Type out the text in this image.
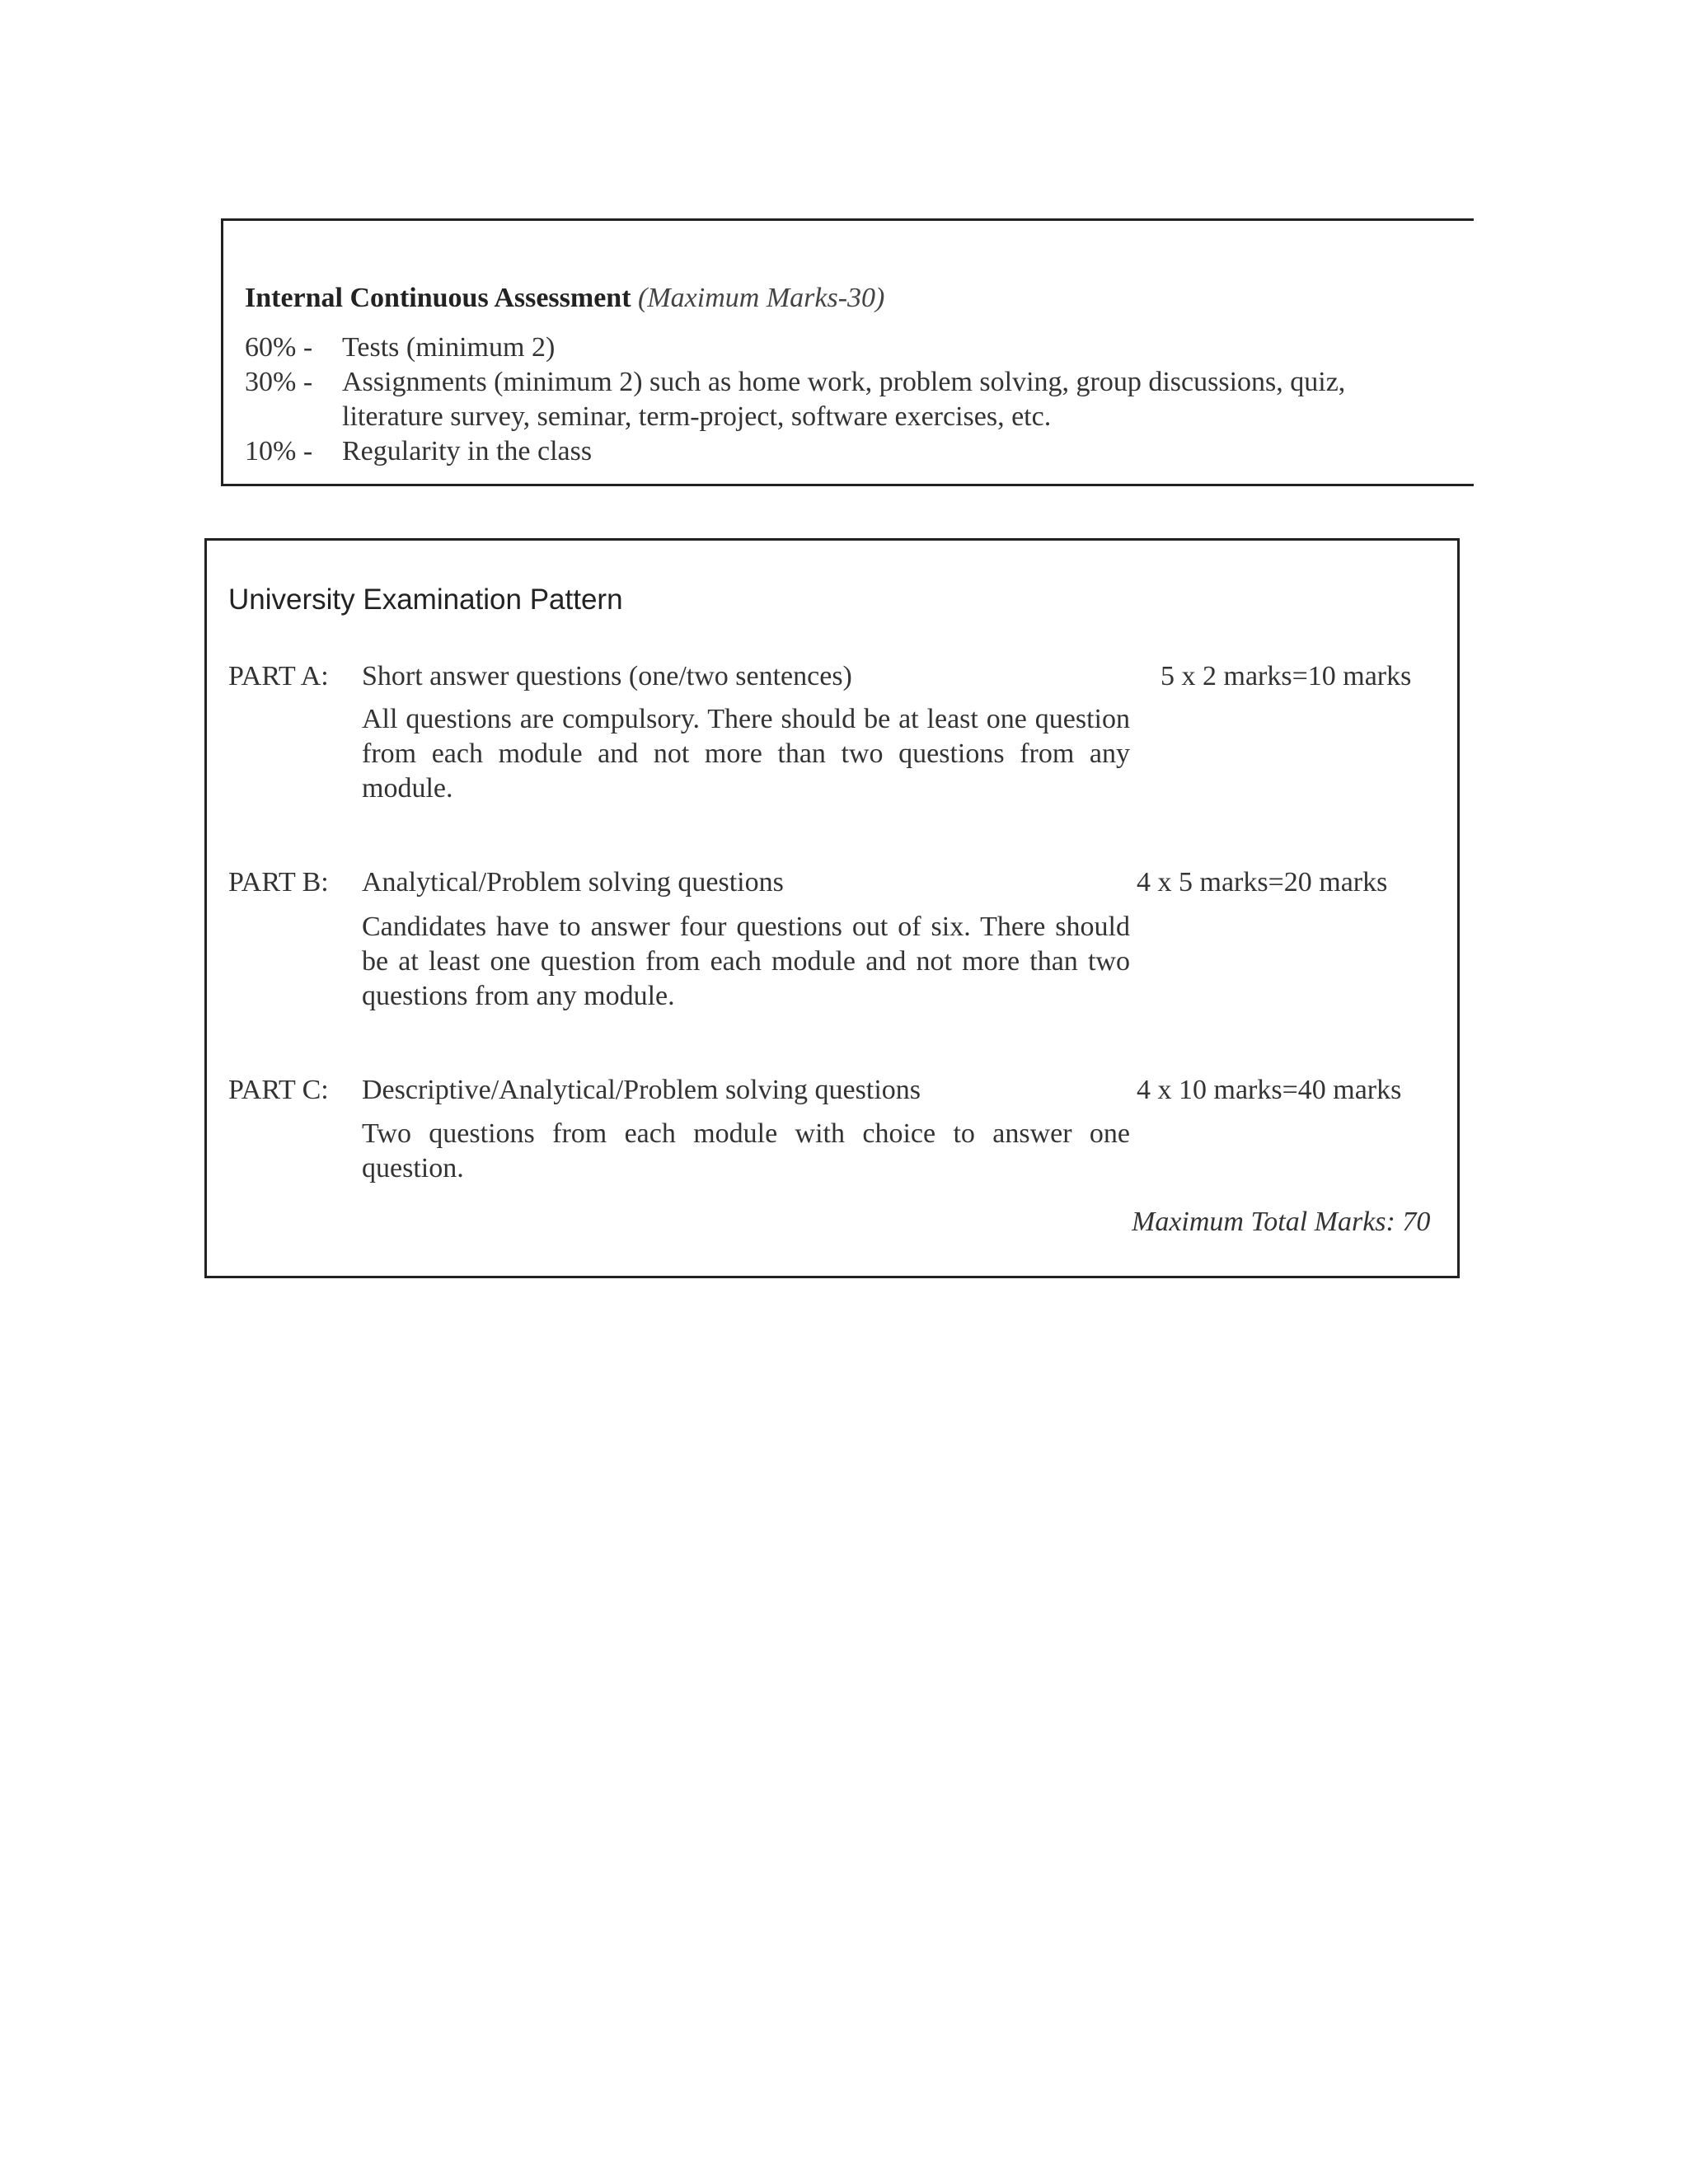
Internal Continuous Assessment (Maximum Marks-30)
60% - Tests (minimum 2)
30% - Assignments (minimum 2) such as home work, problem solving, group discussions, quiz,
literature survey, seminar, term-project, software exercises, etc.
10% - Regularity in the class
University Examination Pattern
PART A: Short answer questions (one/two sentences)	5 x 2 marks=10 marks
All questions are compulsory. There should be at least one question from each module and not more than two questions from any module.
PART B: Analytical/Problem solving questions	4 x 5 marks=20 marks
Candidates have to answer four questions out of six. There should be at least one question from each module and not more than two questions from any module.
PART C: Descriptive/Analytical/Problem solving questions	4 x 10 marks=40 marks
Two questions from each module with choice to answer one question.
Maximum Total Marks: 70
